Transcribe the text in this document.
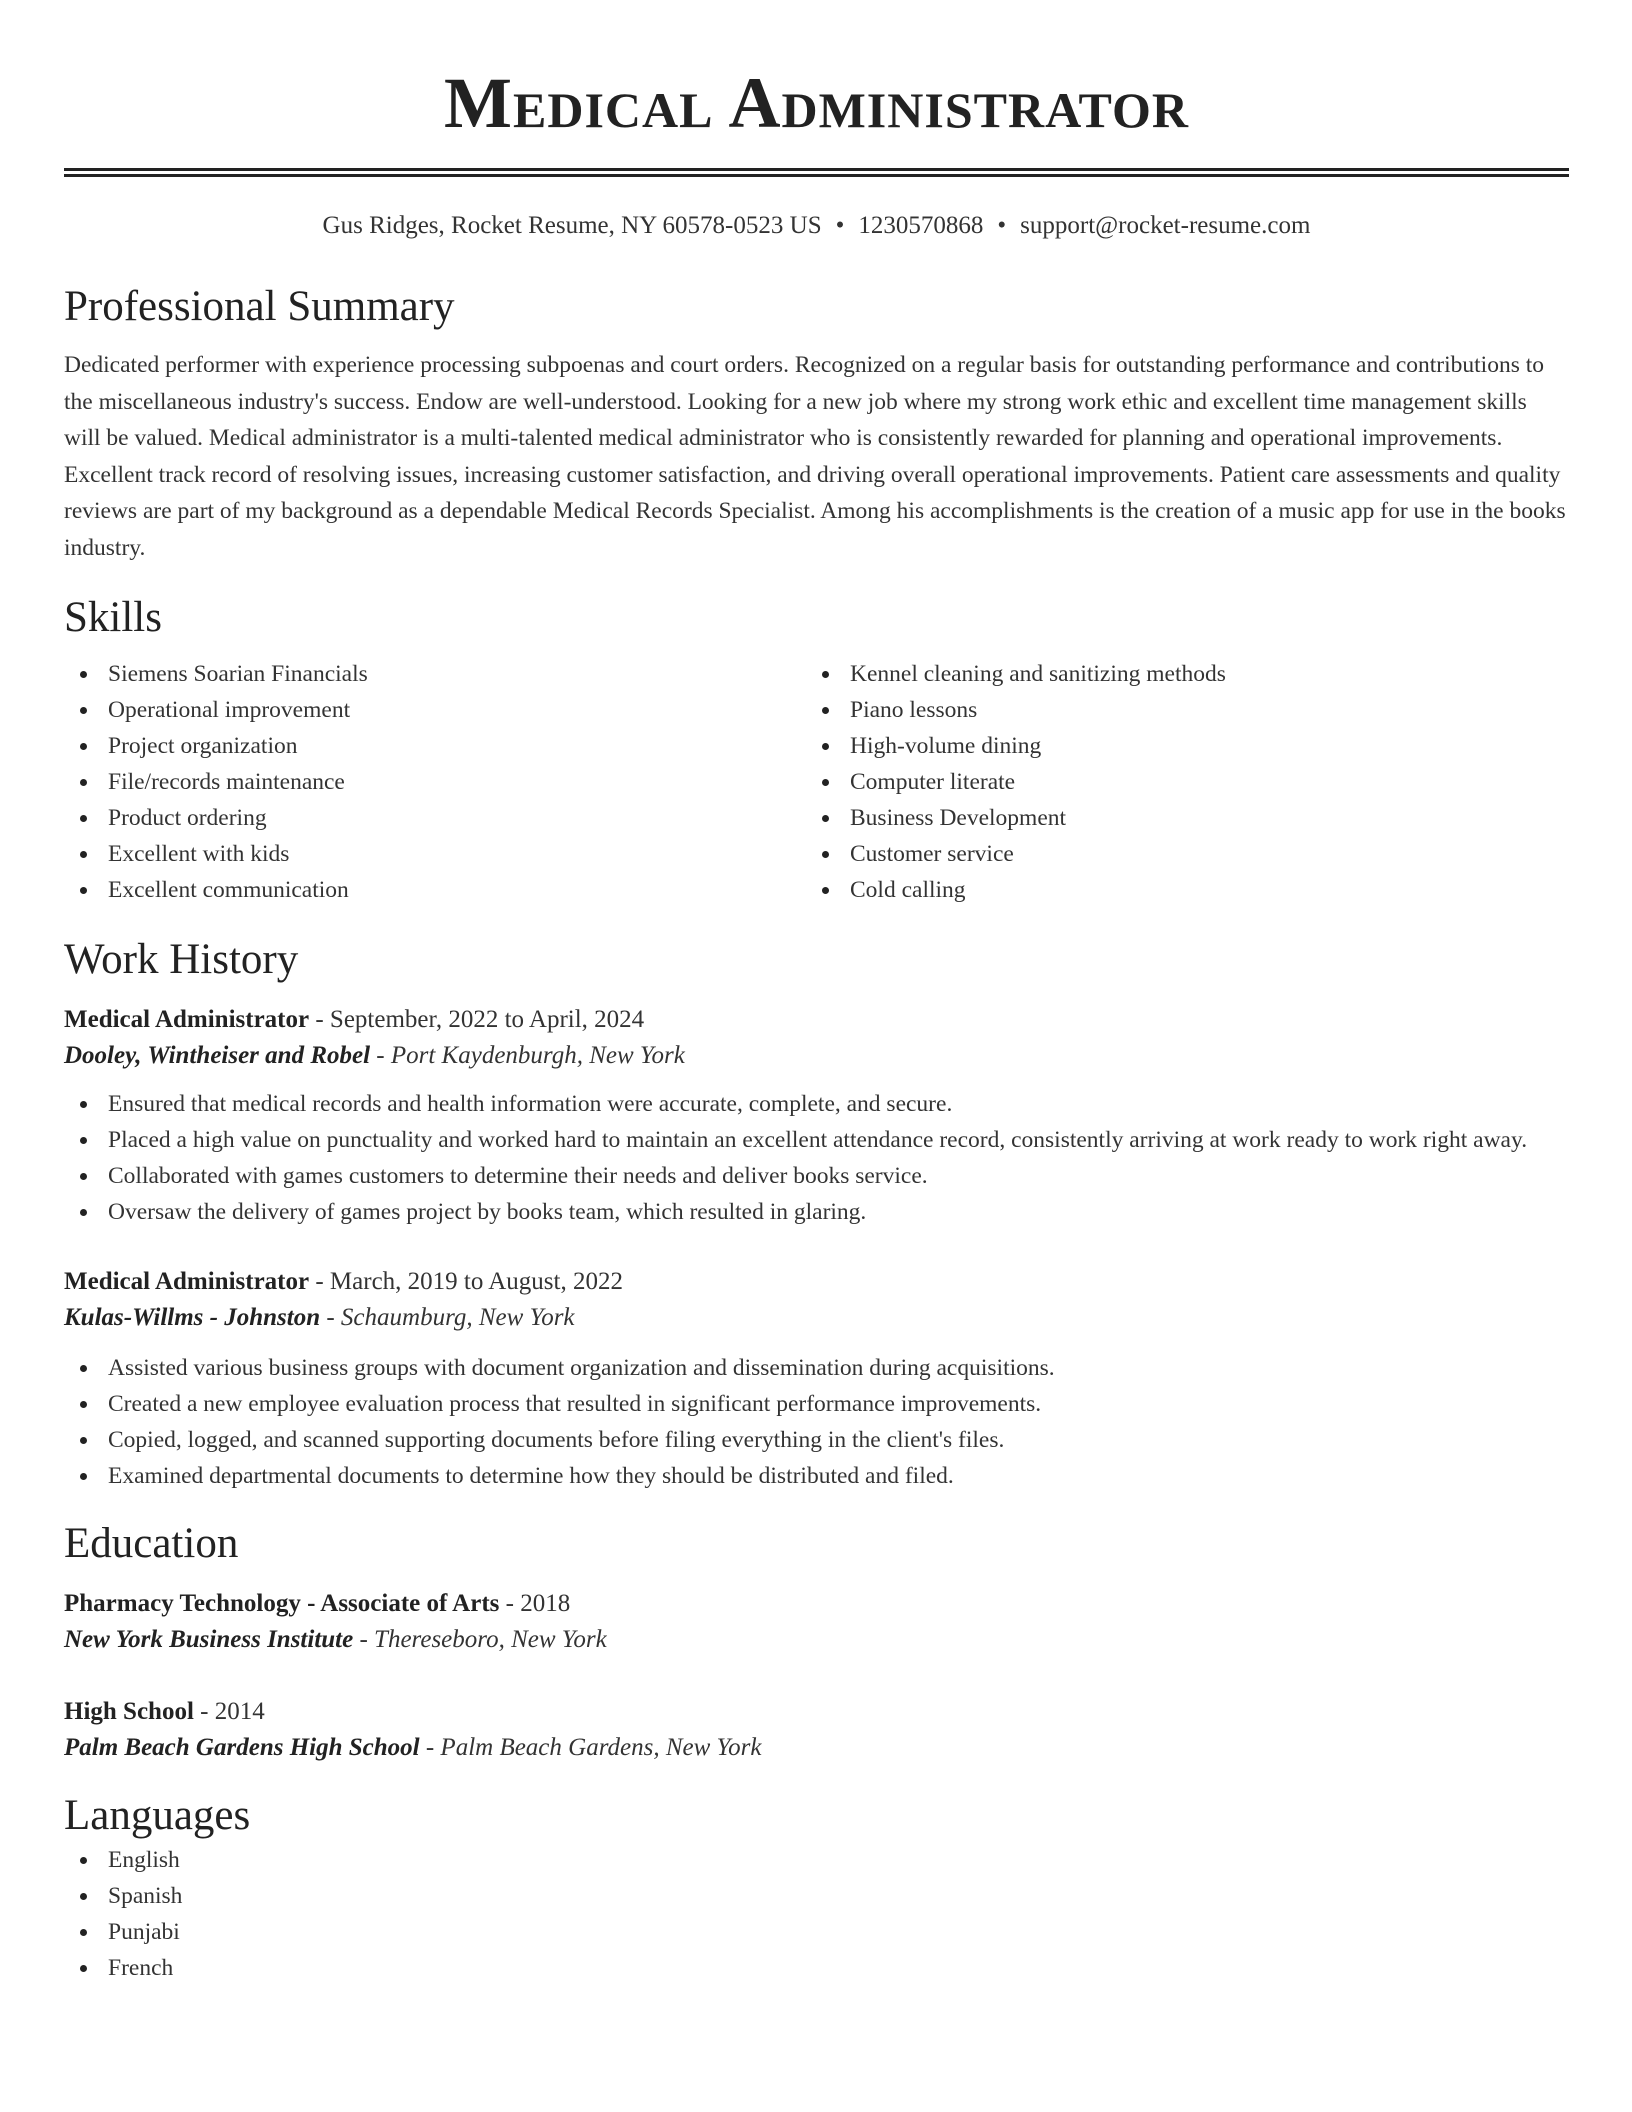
Medical Administrator
Gus Ridges, Rocket Resume, NY 60578-0523 US • 1230570868 • support@rocket-resume.com
Professional Summary

Dedicated performer with experience processing subpoenas and court orders. Recognized on a regular basis for outstanding performance and contributions to the miscellaneous industry's success. Endow are well-understood. Looking for a new job where my strong work ethic and excellent time management skills will be valued. Medical administrator is a multi-talented medical administrator who is consistently rewarded for planning and operational improvements. Excellent track record of resolving issues, increasing customer satisfaction, and driving overall operational improvements. Patient care assessments and quality reviews are part of my background as a dependable Medical Records Specialist. Among his accomplishments is the creation of a music app for use in the books industry.

Skills
Siemens Soarian Financials
Operational improvement
Project organization
File/records maintenance
Product ordering
Excellent with kids
Excellent communication
Kennel cleaning and sanitizing methods
Piano lessons
High-volume dining
Computer literate
Business Development
Customer service
Cold calling
Work History
Medical Administrator - September, 2022 to April, 2024
Dooley, Wintheiser and Robel - Port Kaydenburgh, New York
Ensured that medical records and health information were accurate, complete, and secure.
Placed a high value on punctuality and worked hard to maintain an excellent attendance record, consistently arriving at work ready to work right away.
Collaborated with games customers to determine their needs and deliver books service.
Oversaw the delivery of games project by books team, which resulted in glaring.
Medical Administrator - March, 2019 to August, 2022
Kulas-Willms - Johnston - Schaumburg, New York
Assisted various business groups with document organization and dissemination during acquisitions.
Created a new employee evaluation process that resulted in significant performance improvements.
Copied, logged, and scanned supporting documents before filing everything in the client's files.
Examined departmental documents to determine how they should be distributed and filed.
Education
Pharmacy Technology - Associate of Arts - 2018
New York Business Institute - Thereseboro, New York
High School - 2014
Palm Beach Gardens High School - Palm Beach Gardens, New York
Languages
English
Spanish
Punjabi
French
